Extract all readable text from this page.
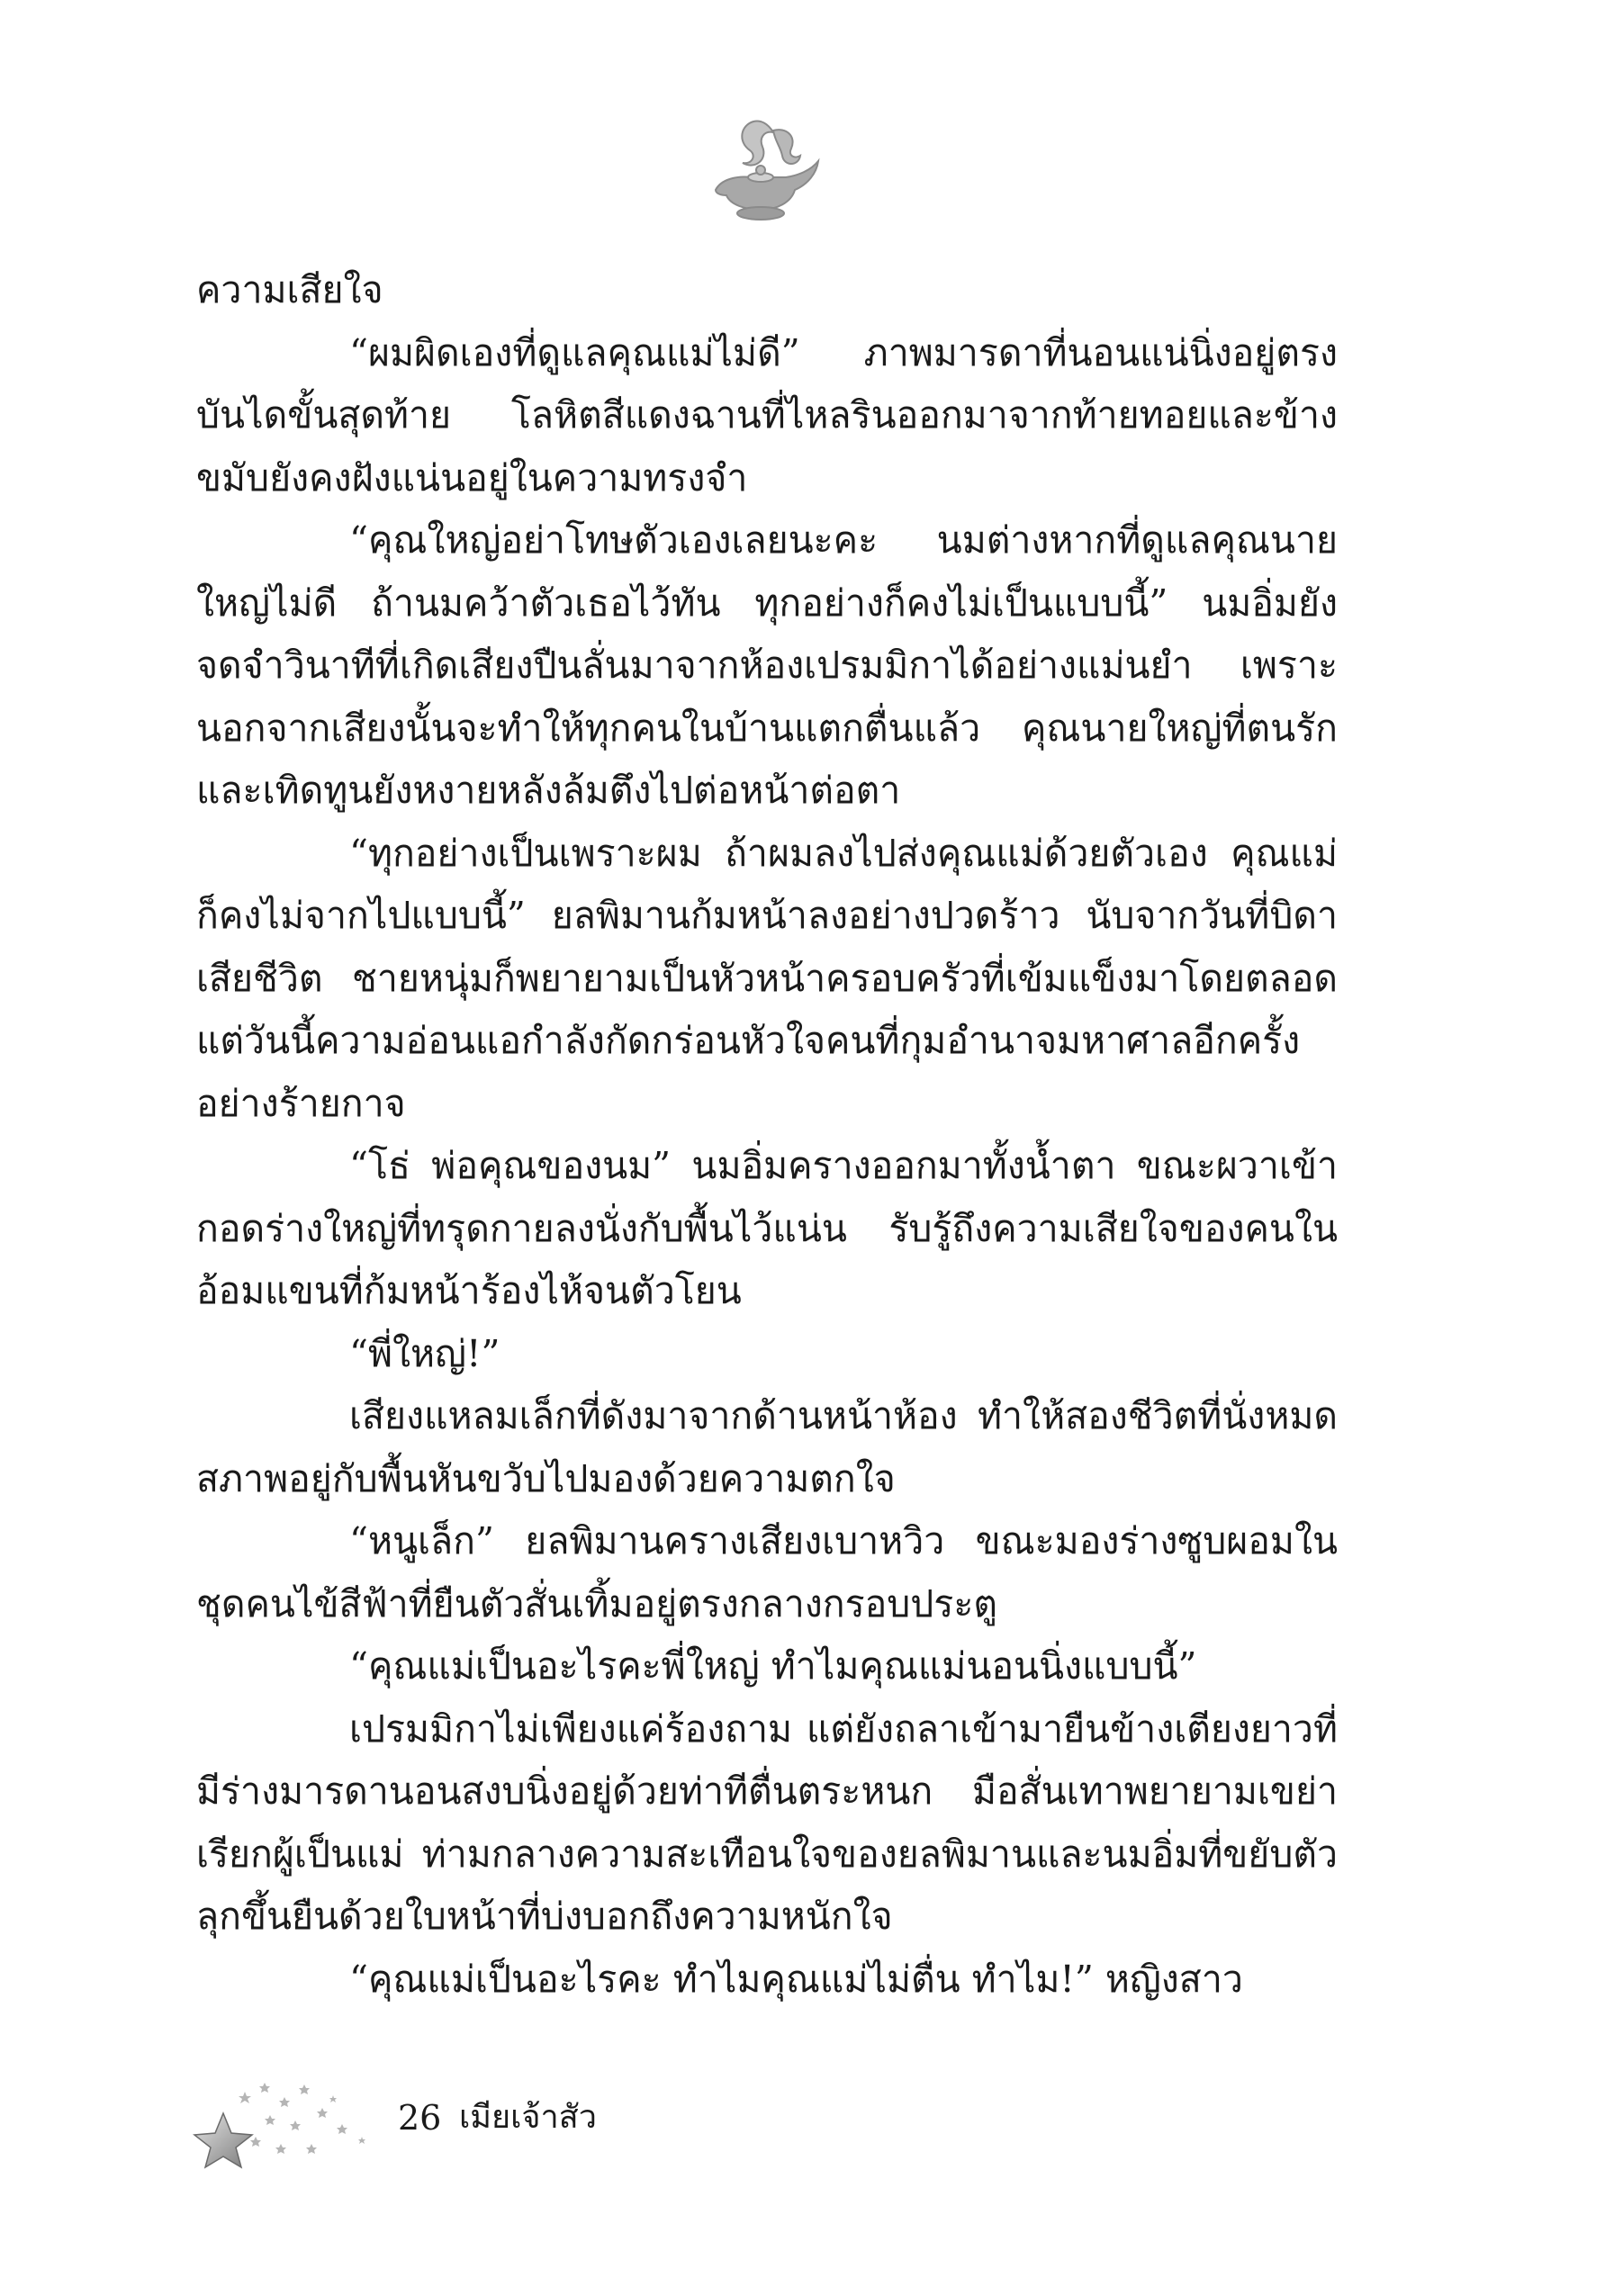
ความเสียใจ

“ผมผิดเองที่ดูแลคุณแม่ไม่ดี” ภาพมารดาที่นอนแน่นิ่งอยู่ตรงบันไดขั้นสุดท้าย โลหิตสีแดงฉานที่ไหลรินออกมาจากท้ายทอยและข้างขมับยังคงฝังแน่นอยู่ในความทรงจำ

“คุณใหญ่อย่าโทษตัวเองเลยนะคะ นมต่างหากที่ดูแลคุณนายใหญ่ไม่ดี ถ้านมคว้าตัวเธอไว้ทัน ทุกอย่างก็คงไม่เป็นแบบนี้” นมอิ่มยังจดจำวินาทีที่เกิดเสียงปืนลั่นมาจากห้องเปรมมิกาได้อย่างแม่นยำ เพราะนอกจากเสียงนั้นจะทำให้ทุกคนในบ้านแตกตื่นแล้ว คุณนายใหญ่ที่ตนรักและเทิดทูนยังหงายหลังล้มตึงไปต่อหน้าต่อตา

“ทุกอย่างเป็นเพราะผม ถ้าผมลงไปส่งคุณแม่ด้วยตัวเอง คุณแม่ก็คงไม่จากไปแบบนี้” ยลพิมานก้มหน้าลงอย่างปวดร้าว นับจากวันที่บิดาเสียชีวิต ชายหนุ่มก็พยายามเป็นหัวหน้าครอบครัวที่เข้มแข็งมาโดยตลอด แต่วันนี้ความอ่อนแอกำลังกัดกร่อนหัวใจคนที่กุมอำนาจมหาศาลอีกครั้งอย่างร้ายกาจ

“โธ่ พ่อคุณของนม” นมอิ่มครางออกมาทั้งน้ำตา ขณะผวาเข้ากอดร่างใหญ่ที่ทรุดกายลงนั่งกับพื้นไว้แน่น รับรู้ถึงความเสียใจของคนในอ้อมแขนที่ก้มหน้าร้องไห้จนตัวโยน

“พี่ใหญ่!”

เสียงแหลมเล็กที่ดังมาจากด้านหน้าห้อง ทำให้สองชีวิตที่นั่งหมดสภาพอยู่กับพื้นหันขวับไปมองด้วยความตกใจ

“หนูเล็ก” ยลพิมานครางเสียงเบาหวิว ขณะมองร่างซูบผอมในชุดคนไข้สีฟ้าที่ยืนตัวสั่นเทิ้มอยู่ตรงกลางกรอบประตู

“คุณแม่เป็นอะไรคะพี่ใหญ่ ทำไมคุณแม่นอนนิ่งแบบนี้”

เปรมมิกาไม่เพียงแค่ร้องถาม แต่ยังถลาเข้ามายืนข้างเตียงยาวที่มีร่างมารดานอนสงบนิ่งอยู่ด้วยท่าทีตื่นตระหนก มือสั่นเทาพยายามเขย่าเรียกผู้เป็นแม่ ท่ามกลางความสะเทือนใจของยลพิมานและนมอิ่มที่ขยับตัวลุกขึ้นยืนด้วยใบหน้าที่บ่งบอกถึงความหนักใจ

“คุณแม่เป็นอะไรคะ ทำไมคุณแม่ไม่ตื่น ทำไม!” หญิงสาว

26 เมียเจ้าสัว
